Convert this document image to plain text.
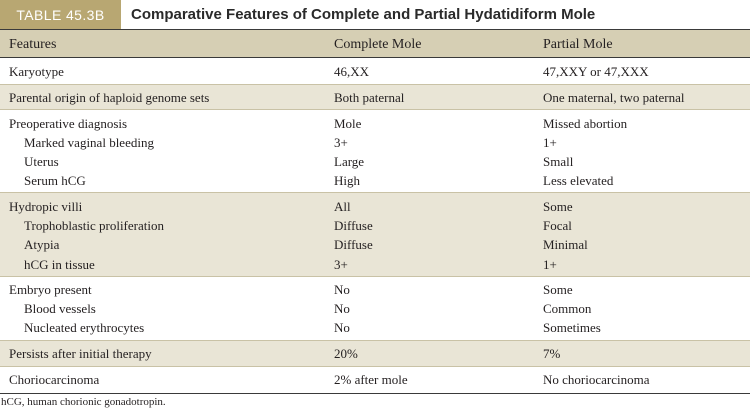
TABLE 45.3B	Comparative Features of Complete and Partial Hydatidiform Mole
Features	Complete Mole	Partial Mole
Karyotype	46,XX	47,XXY or 47,XXX
Parental origin of haploid genome sets	Both paternal	One maternal, two paternal
Preoperative diagnosis	Mole	Missed abortion
Marked vaginal bleeding	3+	1+
Uterus	Large	Small
Serum hCG	High	Less elevated
Hydropic villi	All	Some
Trophoblastic proliferation	Diffuse	Focal
Atypia	Diffuse	Minimal
hCG in tissue	3+	1+
Embryo present	No	Some
Blood vessels	No	Common
Nucleated erythrocytes	No	Sometimes
Persists after initial therapy	20%	7%
Choriocarcinoma	2% after mole	No choriocarcinoma
hCG, human chorionic gonadotropin.
